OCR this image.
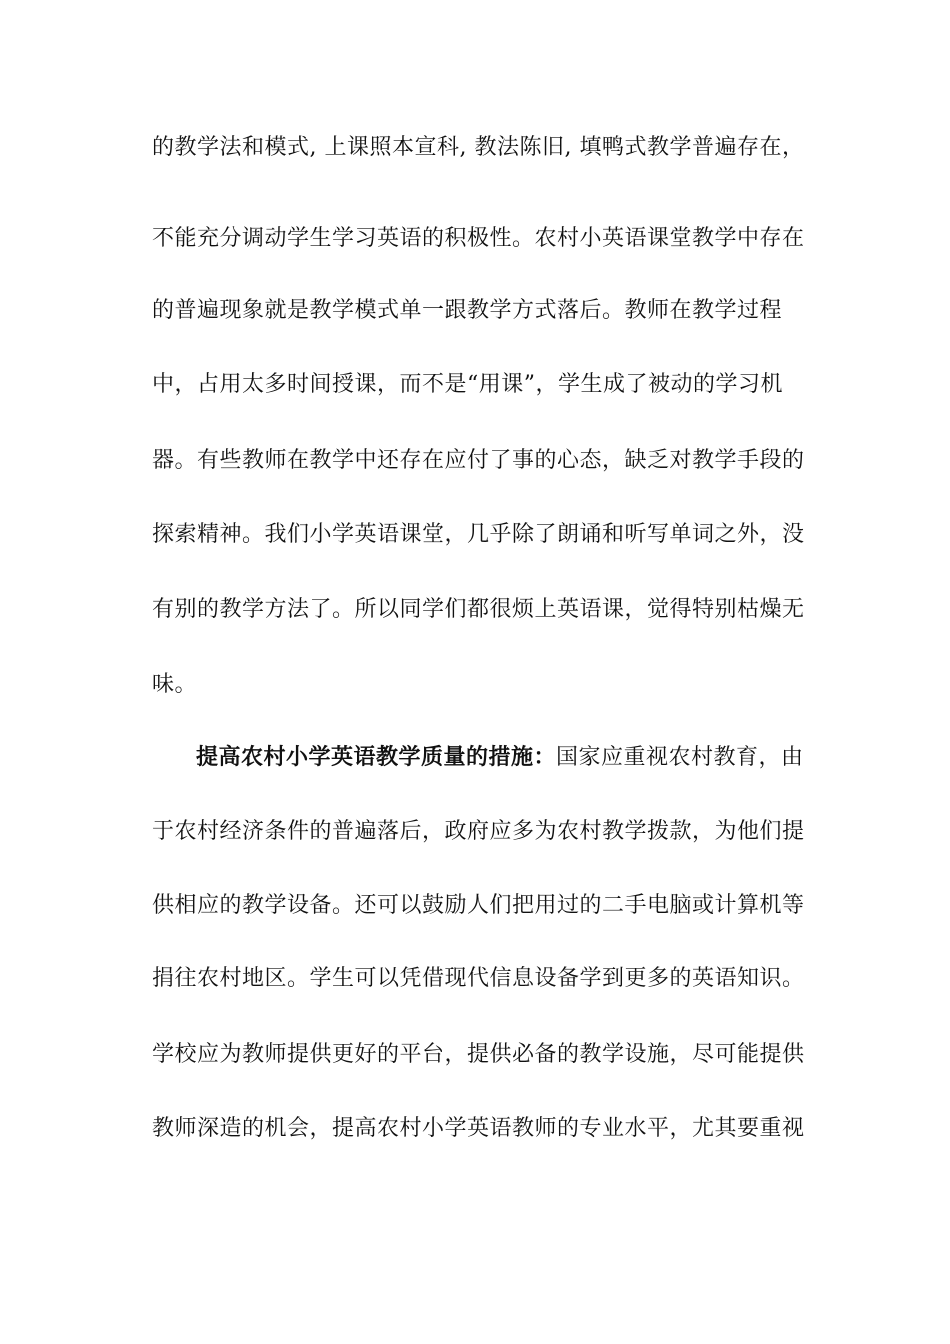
的教学法和模式, 上课照本宣科, 教法陈旧, 填鸭式教学普遍存在，
不能充分调动学生学习英语的积极性。农村小英语课堂教学中存在
的普遍现象就是教学模式单一跟教学方式落后。教师在教学过程
中，占用太多时间授课，而不是“用课”，学生成了被动的学习机
器。有些教师在教学中还存在应付了事的心态，缺乏对教学手段的
探索精神。我们小学英语课堂，几乎除了朗诵和听写单词之外，没
有别的教学方法了。所以同学们都很烦上英语课，觉得特别枯燥无
味。
提高农村小学英语教学质量的措施：国家应重视农村教育，由
于农村经济条件的普遍落后，政府应多为农村教学拨款，为他们提
供相应的教学设备。还可以鼓励人们把用过的二手电脑或计算机等
捐往农村地区。学生可以凭借现代信息设备学到更多的英语知识。
学校应为教师提供更好的平台，提供必备的教学设施，尽可能提供
教师深造的机会，提高农村小学英语教师的专业水平，尤其要重视
